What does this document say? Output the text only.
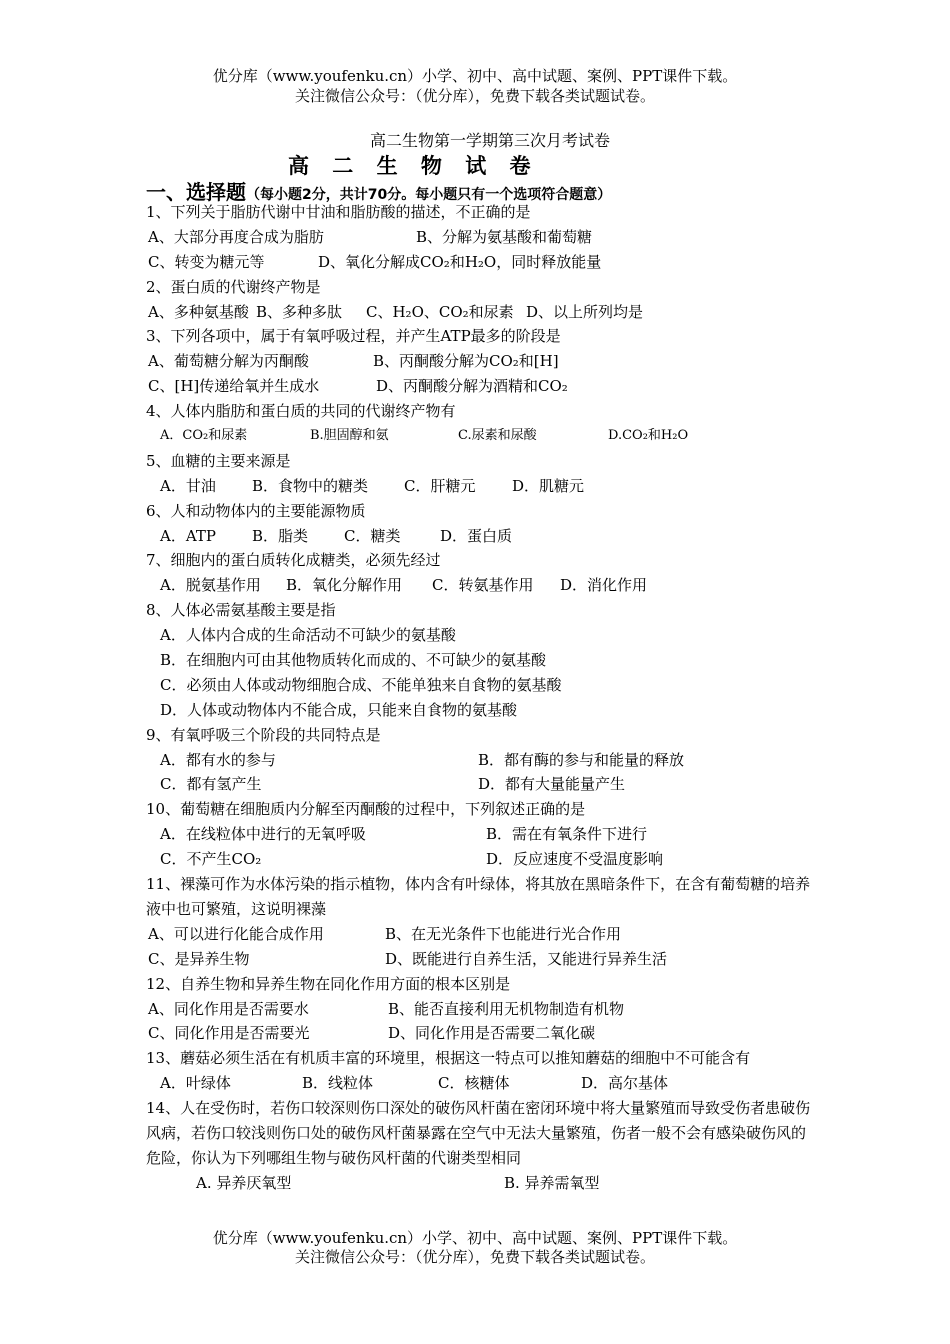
优分库（www.youfenku.cn）小学、初中、高中试题、案例、PPT课件下载。
关注微信公众号：（优分库），免费下载各类试题试卷。
高二生物第一学期第三次月考试卷
高 二 生 物 试 卷
一、选择题（每小题2分，共计70分。每小题只有一个选项符合题意）
1、下列关于脂肪代谢中甘油和脂肪酸的描述，不正确的是
A、大部分再度合成为脂肪	B、分解为氨基酸和葡萄糖
C、转变为糖元等	D、氧化分解成CO₂和H₂O，同时释放能量
2、蛋白质的代谢终产物是
A、多种氨基酸 B、多种多肽 C、H₂O、CO₂和尿素 D、以上所列均是
3、下列各项中，属于有氧呼吸过程，并产生ATP最多的阶段是
A、葡萄糖分解为丙酮酸	B、丙酮酸分解为CO₂和[H]
C、[H]传递给氧并生成水	D、丙酮酸分解为酒精和CO₂
4、人体内脂肪和蛋白质的共同的代谢终产物有
A．CO₂和尿素	B.胆固醇和氨	C.尿素和尿酸	D.CO₂和H₂O
5、血糖的主要来源是
A．甘油 B．食物中的糖类 C．肝糖元 D．肌糖元
6、人和动物体内的主要能源物质
A．ATP B．脂类 C．糖类	D．蛋白质
7、细胞内的蛋白质转化成糖类，必须先经过
A．脱氨基作用 B．氧化分解作用 C．转氨基作用 D．消化作用
8、人体必需氨基酸主要是指
A．人体内合成的生命活动不可缺少的氨基酸
B．在细胞内可由其他物质转化而成的、不可缺少的氨基酸
C．必须由人体或动物细胞合成、不能单独来自食物的氨基酸
D．人体或动物体内不能合成，只能来自食物的氨基酸
9、有氧呼吸三个阶段的共同特点是
A．都有水的参与	B．都有酶的参与和能量的释放
C．都有氢产生	D．都有大量能量产生
10、葡萄糖在细胞质内分解至丙酮酸的过程中，下列叙述正确的是
A．在线粒体中进行的无氧呼吸	B．需在有氧条件下进行
C．不产生CO₂	D．反应速度不受温度影响
11、裸藻可作为水体污染的指示植物，体内含有叶绿体，将其放在黑暗条件下，在含有葡萄糖的培养液中也可繁殖，这说明裸藻
A、可以进行化能合成作用	B、在无光条件下也能进行光合作用
C、是异养生物	D、既能进行自养生活，又能进行异养生活
12、自养生物和异养生物在同化作用方面的根本区别是
A、同化作用是否需要水	B、能否直接利用无机物制造有机物
C、同化作用是否需要光	D、同化作用是否需要二氧化碳
13、蘑菇必须生活在有机质丰富的环境里，根据这一特点可以推知蘑菇的细胞中不可能含有
A．叶绿体	B．线粒体	C．核糖体	D．高尔基体
14、人在受伤时，若伤口较深则伤口深处的破伤风杆菌在密闭环境中将大量繁殖而导致受伤者患破伤风病，若伤口较浅则伤口处的破伤风杆菌暴露在空气中无法大量繁殖，伤者一般不会有感染破伤风的危险，你认为下列哪组生物与破伤风杆菌的代谢类型相同
A. 异养厌氧型	B. 异养需氧型
优分库（www.youfenku.cn）小学、初中、高中试题、案例、PPT课件下载。
关注微信公众号：（优分库），免费下载各类试题试卷。
